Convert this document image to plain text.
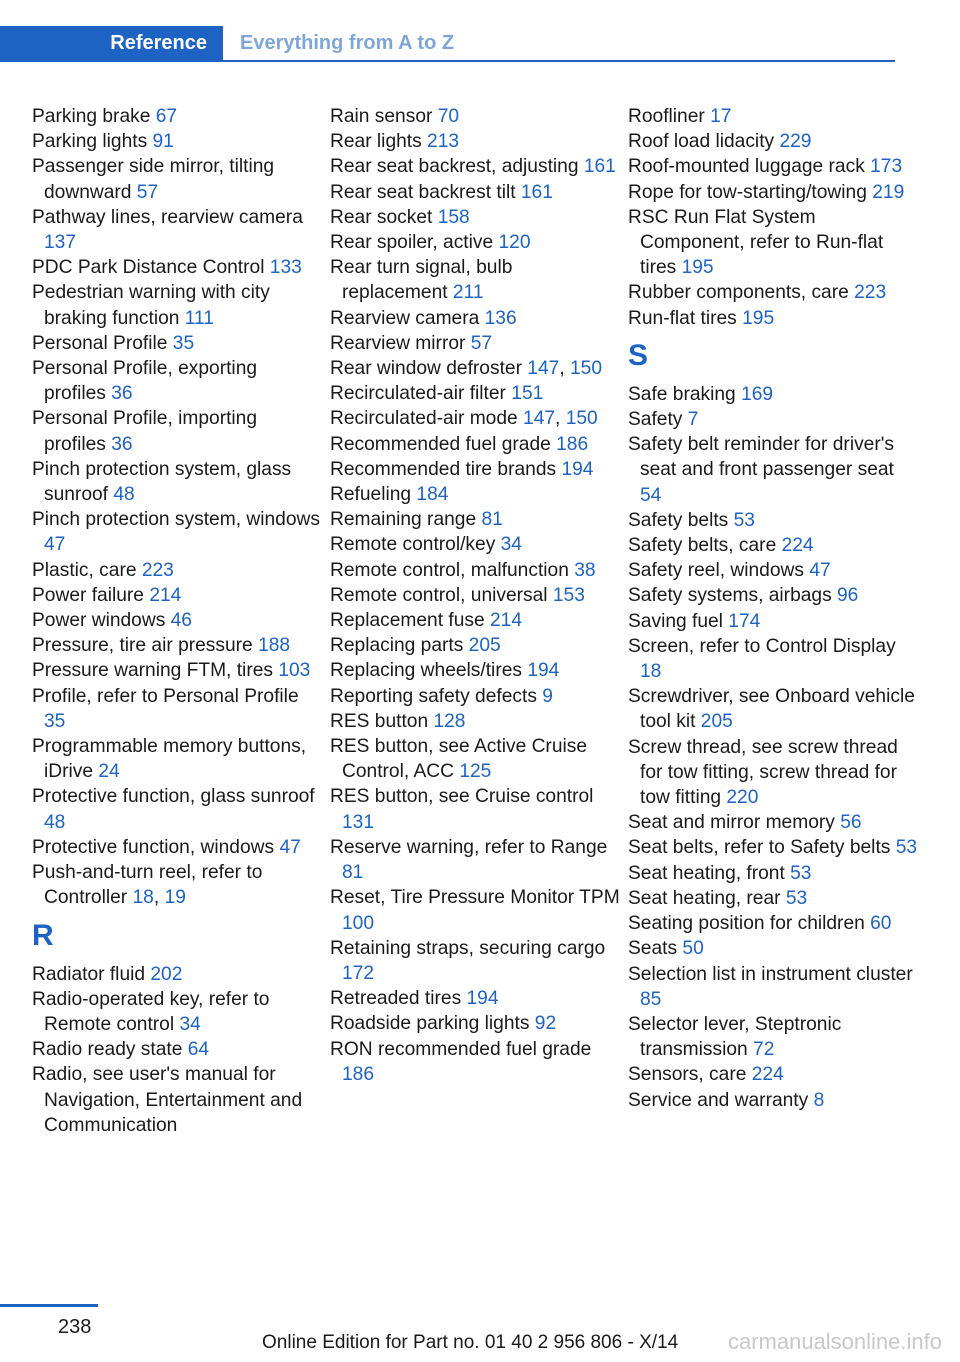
Reference	Everything from A to Z
Parking brake 67
Parking lights 91
Passenger side mirror, tilting downward 57
Pathway lines, rearview camera 137
PDC Park Distance Control 133
Pedestrian warning with city braking function 111
Personal Profile 35
Personal Profile, exporting profiles 36
Personal Profile, importing profiles 36
Pinch protection system, glass sunroof 48
Pinch protection system, windows 47
Plastic, care 223
Power failure 214
Power windows 46
Pressure, tire air pressure 188
Pressure warning FTM, tires 103
Profile, refer to Personal Profile 35
Programmable memory buttons, iDrive 24
Protective function, glass sunroof 48
Protective function, windows 47
Push-and-turn reel, refer to Controller 18, 19
R
Radiator fluid 202
Radio-operated key, refer to Remote control 34
Radio ready state 64
Radio, see user's manual for Navigation, Entertainment and Communication
Rain sensor 70
Rear lights 213
Rear seat backrest, adjusting 161
Rear seat backrest tilt 161
Rear socket 158
Rear spoiler, active 120
Rear turn signal, bulb replacement 211
Rearview camera 136
Rearview mirror 57
Rear window defroster 147, 150
Recirculated-air filter 151
Recirculated-air mode 147, 150
Recommended fuel grade 186
Recommended tire brands 194
Refueling 184
Remaining range 81
Remote control/key 34
Remote control, malfunction 38
Remote control, universal 153
Replacement fuse 214
Replacing parts 205
Replacing wheels/tires 194
Reporting safety defects 9
RES button 128
RES button, see Active Cruise Control, ACC 125
RES button, see Cruise control 131
Reserve warning, refer to Range 81
Reset, Tire Pressure Monitor TPM 100
Retaining straps, securing cargo 172
Retreaded tires 194
Roadside parking lights 92
RON recommended fuel grade 186
Roofliner 17
Roof load lidacity 229
Roof-mounted luggage rack 173
Rope for tow-starting/towing 219
RSC Run Flat System Component, refer to Run-flat tires 195
Rubber components, care 223
Run-flat tires 195
S
Safe braking 169
Safety 7
Safety belt reminder for driver's seat and front passenger seat 54
Safety belts 53
Safety belts, care 224
Safety reel, windows 47
Safety systems, airbags 96
Saving fuel 174
Screen, refer to Control Display 18
Screwdriver, see Onboard vehicle tool kit 205
Screw thread, see screw thread for tow fitting, screw thread for tow fitting 220
Seat and mirror memory 56
Seat belts, refer to Safety belts 53
Seat heating, front 53
Seat heating, rear 53
Seating position for children 60
Seats 50
Selection list in instrument cluster 85
Selector lever, Steptronic transmission 72
Sensors, care 224
Service and warranty 8
238
Online Edition for Part no. 01 40 2 956 806 - X/14 carmanualsonline.info
